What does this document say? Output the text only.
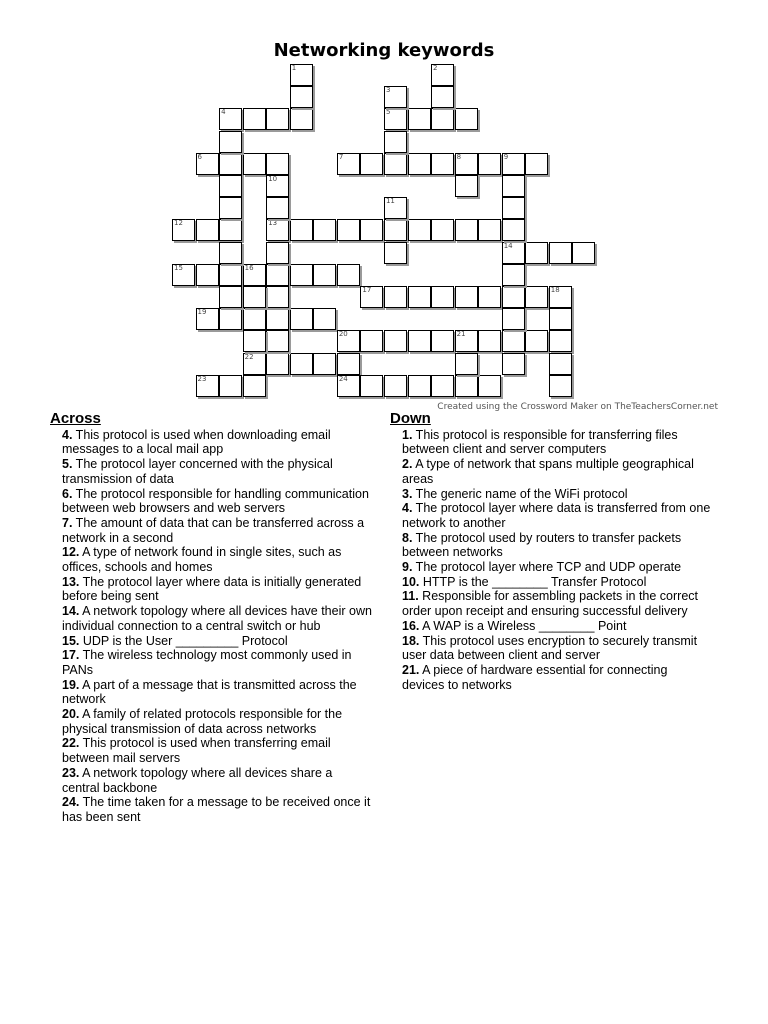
Networking keywords
4	5
6	7	8	9
12	13
14
15	16
17	18
19
20	21
22
23	24
1	2
3
10
11
Created using the Crossword Maker on TheTeachersCorner.net
Across
4. This protocol is used when downloading email messages to a local mail app
5. The protocol layer concerned with the physical transmission of data
6. The protocol responsible for handling communication between web browsers and web servers
7. The amount of data that can be transferred across a network in a second
12. A type of network found in single sites, such as offices, schools and homes
13. The protocol layer where data is initially generated before being sent
14. A network topology where all devices have their own individual connection to a central switch or hub
15. UDP is the User _________ Protocol
17. The wireless technology most commonly used in PANs
19. A part of a message that is transmitted across the network
20. A family of related protocols responsible for the physical transmission of data across networks
22. This protocol is used when transferring email between mail servers
23. A network topology where all devices share a central backbone
24. The time taken for a message to be received once it has been sent
Down
1. This protocol is responsible for transferring files between client and server computers
2. A type of network that spans multiple geographical areas
3. The generic name of the WiFi protocol
4. The protocol layer where data is transferred from one network to another
8. The protocol used by routers to transfer packets between networks
9. The protocol layer where TCP and UDP operate
10. HTTP is the ________ Transfer Protocol
11. Responsible for assembling packets in the correct order upon receipt and ensuring successful delivery
16. A WAP is a Wireless ________ Point
18. This protocol uses encryption to securely transmit user data between client and server
21. A piece of hardware essential for connecting devices to networks
